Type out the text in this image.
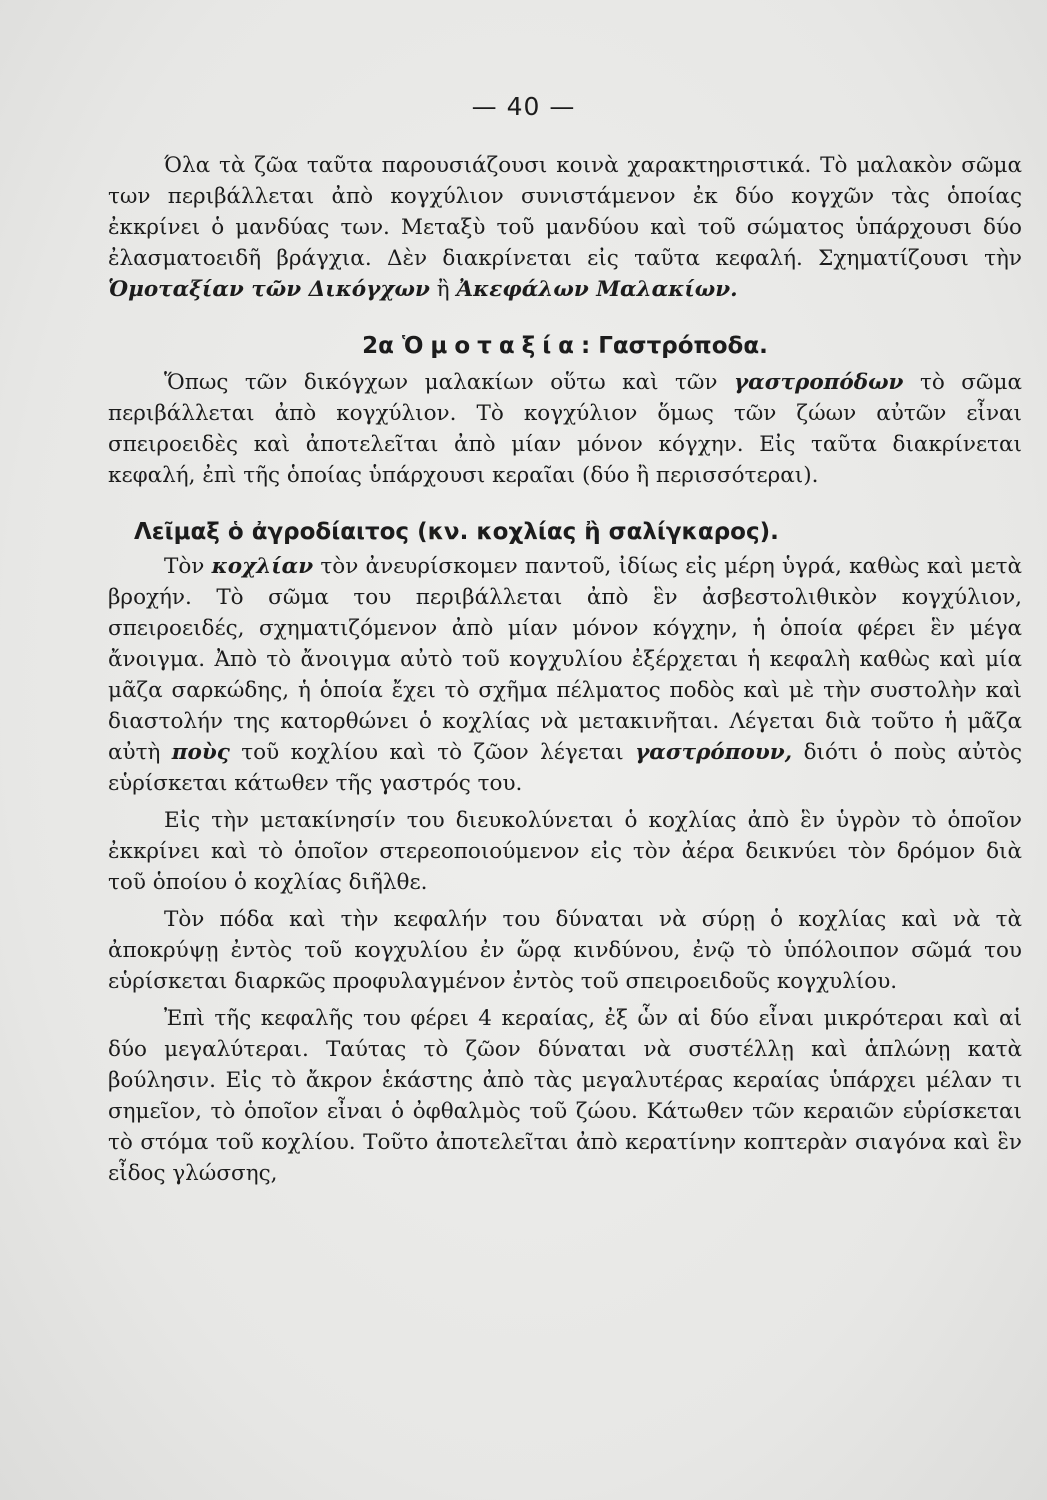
— 40 —

Όλα τὰ ζῶα ταῦτα παρουσιάζουσι κοινὰ χαρακτηριστικά. Τὸ μαλακὸν σῶμα των περιβάλλεται ἀπὸ κογχύλιον συνιστάμενον ἐκ δύο κογχῶν τὰς ὁποίας ἐκκρίνει ὁ μανδύας των. Μεταξὺ τοῦ μανδύου καὶ τοῦ σώματος ὑπάρχουσι δύο ἐλασματοειδῆ βράγχια. Δὲν διακρίνεται εἰς ταῦτα κεφαλή. Σχηματίζουσι τὴν Ὁμοταξίαν τῶν Δικόγχων ἢ Ἀκεφάλων Μαλακίων.

2α Ὁμοταξία: Γαστρόποδα.

Ὅπως τῶν δικόγχων μαλακίων οὕτω καὶ τῶν γαστροπόδων τὸ σῶμα περιβάλλεται ἀπὸ κογχύλιον. Τὸ κογχύλιον ὅμως τῶν ζώων αὐτῶν εἶναι σπειροειδὲς καὶ ἀποτελεῖται ἀπὸ μίαν μόνον κόγχην. Εἰς ταῦτα διακρίνεται κεφαλή, ἐπὶ τῆς ὁποίας ὑπάρχουσι κεραῖαι (δύο ἢ περισσότεραι).

Λεῖμαξ ὁ ἀγροδίαιτος (κν. κοχλίας ἢ σαλίγκαρος).

Τὸν κοχλίαν τὸν ἀνευρίσκομεν παντοῦ, ἰδίως εἰς μέρη ὑγρά, καθὼς καὶ μετὰ βροχήν. Τὸ σῶμα του περιβάλλεται ἀπὸ ἓν ἀσβεστολιθικὸν κογχύλιον, σπειροειδές, σχηματιζόμενον ἀπὸ μίαν μόνον κόγχην, ἡ ὁποία φέρει ἓν μέγα ἄνοιγμα. Ἀπὸ τὸ ἄνοιγμα αὐτὸ τοῦ κογχυλίου ἐξέρχεται ἡ κεφαλὴ καθὼς καὶ μία μᾶζα σαρκώδης, ἡ ὁποία ἔχει τὸ σχῆμα πέλματος ποδὸς καὶ μὲ τὴν συστολὴν καὶ διαστολήν της κατορθώνει ὁ κοχλίας νὰ μετακινῆται. Λέγεται διὰ τοῦτο ἡ μᾶζα αὐτὴ ποὺς τοῦ κοχλίου καὶ τὸ ζῶον λέγεται γαστρόπουν, διότι ὁ ποὺς αὐτὸς εὑρίσκεται κάτωθεν τῆς γαστρός του.

Εἰς τὴν μετακίνησίν του διευκολύνεται ὁ κοχλίας ἀπὸ ἓν ὑγρὸν τὸ ὁποῖον ἐκκρίνει καὶ τὸ ὁποῖον στερεοποιούμενον εἰς τὸν ἀέρα δεικνύει τὸν δρόμον διὰ τοῦ ὁποίου ὁ κοχλίας διῆλθε.

Τὸν πόδα καὶ τὴν κεφαλήν του δύναται νὰ σύρῃ ὁ κοχλίας καὶ νὰ τὰ ἀποκρύψῃ ἐντὸς τοῦ κογχυλίου ἐν ὥρᾳ κινδύνου, ἐνῷ τὸ ὑπόλοιπον σῶμά του εὑρίσκεται διαρκῶς προφυλαγμένον ἐντὸς τοῦ σπειροειδοῦς κογχυλίου.

Ἐπὶ τῆς κεφαλῆς του φέρει 4 κεραίας, ἐξ ὧν αἱ δύο εἶναι μικρότεραι καὶ αἱ δύο μεγαλύτεραι. Ταύτας τὸ ζῶον δύναται νὰ συστέλλῃ καὶ ἁπλώνῃ κατὰ βούλησιν. Εἰς τὸ ἄκρον ἑκάστης ἀπὸ τὰς μεγαλυτέρας κεραίας ὑπάρχει μέλαν τι σημεῖον, τὸ ὁποῖον εἶναι ὁ ὀφθαλμὸς τοῦ ζώου. Κάτωθεν τῶν κεραιῶν εὑρίσκεται τὸ στόμα τοῦ κοχλίου. Τοῦτο ἀποτελεῖται ἀπὸ κερατίνην κοπτερὰν σιαγόνα καὶ ἓν εἶδος γλώσσης,
